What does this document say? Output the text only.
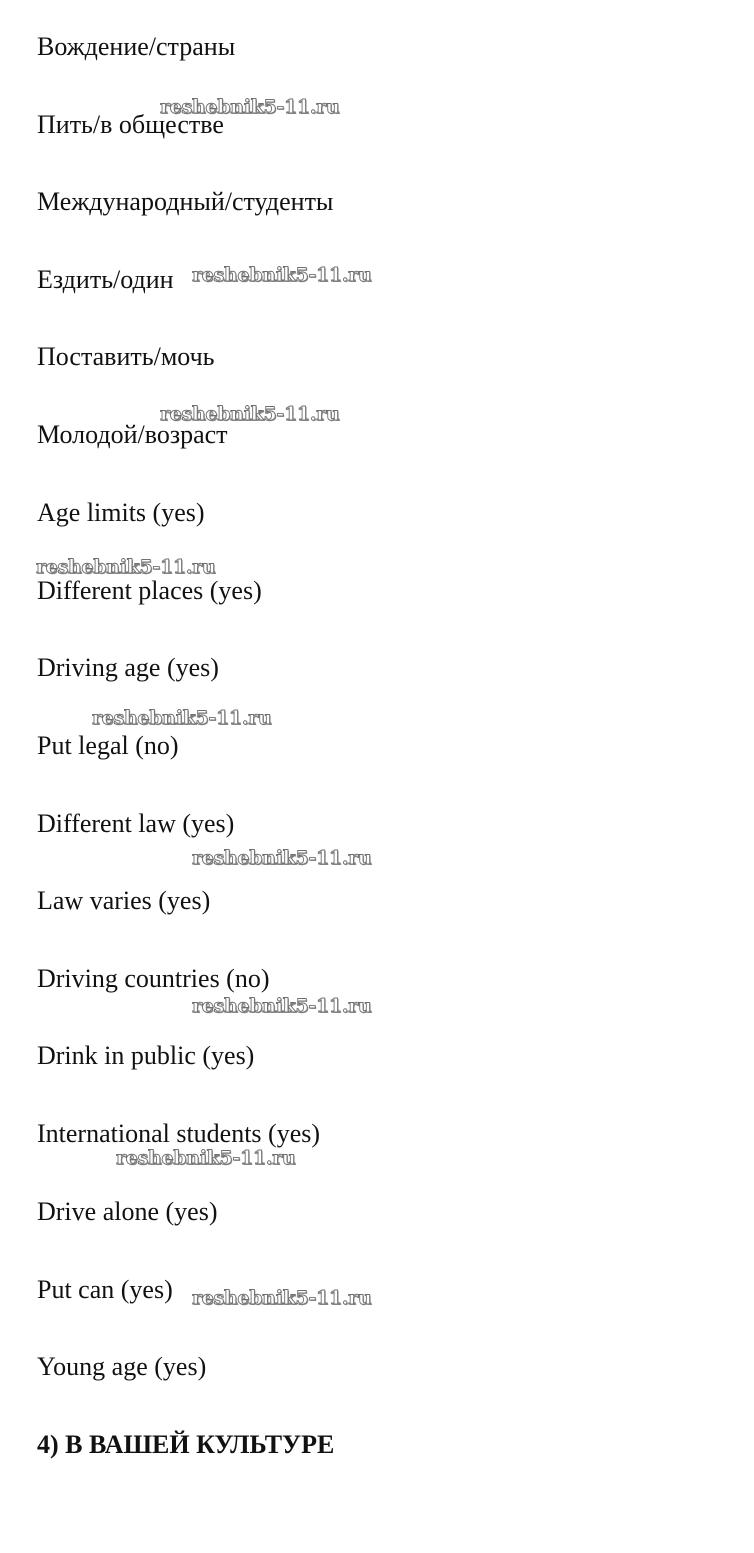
Вождение/страны

Пить/в обществе

Международный/студенты

Ездить/один

Поставить/мочь

Молодой/возраст

Age limits (yes)

Different places (yes)

Driving age (yes)

Put legal (no)

Different law (yes)

Law varies (yes)

Driving countries (no)

Drink in public (yes)

International students (yes)

Drive alone (yes)

Put can (yes)

Young age (yes)

4) В ВАШЕЙ КУЛЬТУРЕ

reshebnik5-11.ru
reshebnik5-11.ru
reshebnik5-11.ru
reshebnik5-11.ru
reshebnik5-11.ru
reshebnik5-11.ru
reshebnik5-11.ru
reshebnik5-11.ru
reshebnik5-11.ru
